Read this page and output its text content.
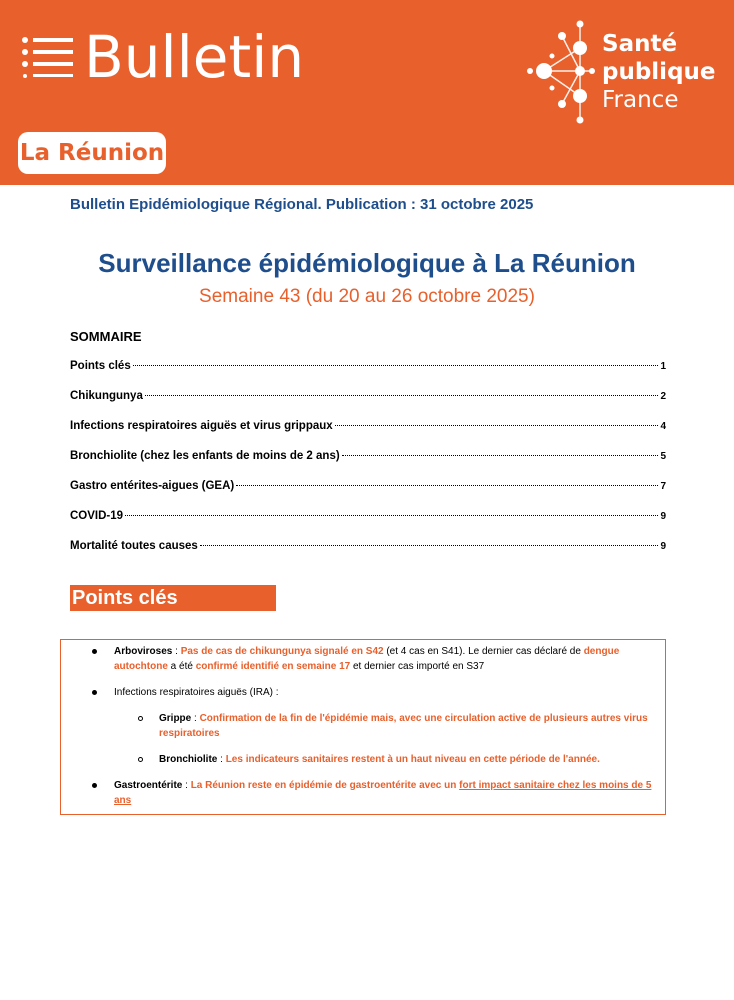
Bulletin	Santé
publique
France
La Réunion
Bulletin Epidémiologique Régional. Publication : 31 octobre 2025
Surveillance épidémiologique à La Réunion
Semaine 43 (du 20 au 26 octobre 2025)
SOMMAIRE
Points clés	1
Chikungunya	2
Infections respiratoires aiguës et virus grippaux	4
Bronchiolite (chez les enfants de moins de 2 ans)	5
Gastro entérites-aigues (GEA)	7
COVID-19	9
Mortalité toutes causes	9
Points clés
Arboviroses : Pas de cas de chikungunya signalé en S42 (et 4 cas en S41). Le dernier cas déclaré de dengue
autochtone a été confirmé identifié en semaine 17 et dernier cas importé en S37
Infections respiratoires aiguës (IRA) :
Grippe : Confirmation de la fin de l'épidémie mais, avec une circulation active de plusieurs autres virus
respiratoires
Bronchiolite : Les indicateurs sanitaires restent à un haut niveau en cette période de l'année.
Gastroentérite : La Réunion reste en épidémie de gastroentérite avec un fort impact sanitaire chez les moins de 5
ans
